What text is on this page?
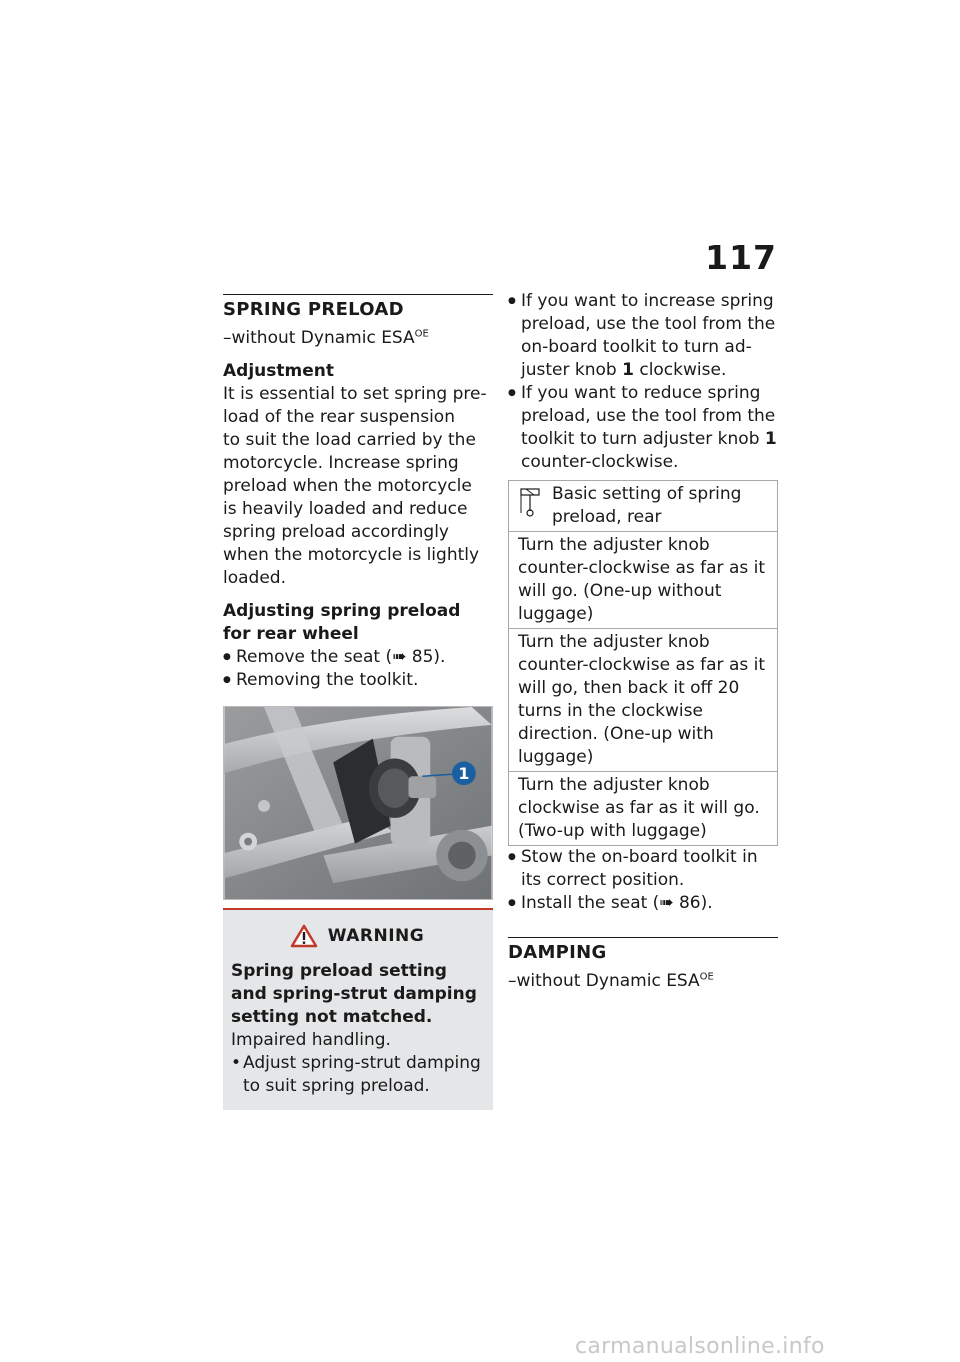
117
SPRING PRELOAD
–without Dynamic $ESA^{OE}$
Adjustment
It is essential to set spring pre-
load of the rear suspension
to suit the load carried by the
motorcycle. Increase spring
preload when the motorcycle
is heavily loaded and reduce
spring preload accordingly
when the motorcycle is lightly
loaded.
Adjusting spring preload for rear wheel
● Remove the seat (➠ 85).
● Removing the toolkit.
1
WARNING
Spring preload setting and spring-strut damping setting not matched.
Impaired handling.
• Adjust spring-strut damping to suit spring preload.
● If you want to increase spring preload, use the tool from the on-board toolkit to turn ad- juster knob 1 clockwise.
● If you want to reduce spring preload, use the tool from the toolkit to turn adjuster knob 1 counter-clockwise.
Basic setting of spring preload, rear

Turn the adjuster knob counter-clockwise as far as it will go. (One-up without luggage)
Turn the adjuster knob counter-clockwise as far as it will go, then back it off 20 turns in the clockwise direction. (One-up with luggage)
Turn the adjuster knob clockwise as far as it will go. (Two-up with luggage)
● Stow the on-board toolkit in its correct position.
● Install the seat (➠ 86).
DAMPING
–without Dynamic $ESA^{OE}$
carmanualsonline.info
